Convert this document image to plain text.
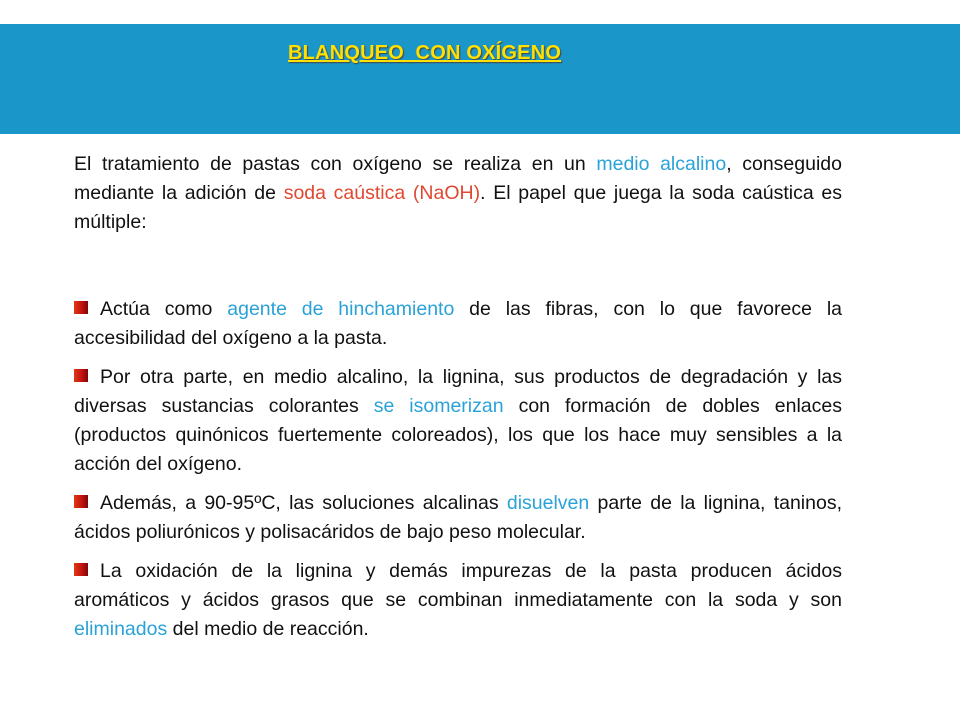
BLANQUEO  CON OXÍGENO

El tratamiento de pastas con oxígeno se realiza en un medio alcalino, conseguido mediante la adición de soda caústica (NaOH). El papel que juega la soda caústica es múltiple:

Actúa como agente de hinchamiento de las fibras, con lo que favorece la accesibilidad del oxígeno a la pasta.

Por otra parte, en medio alcalino, la lignina, sus productos de degradación y las diversas sustancias colorantes se isomerizan con formación de dobles enlaces (productos quinónicos fuertemente coloreados), los que los hace muy sensibles a la acción del oxígeno.

Además, a 90-95ºC, las soluciones alcalinas disuelven parte de la lignina, taninos, ácidos poliurónicos y polisacáridos de bajo peso molecular.

La oxidación de la lignina y demás impurezas de la pasta producen ácidos aromáticos y ácidos grasos que se combinan inmediatamente con la soda y son eliminados del medio de reacción.
